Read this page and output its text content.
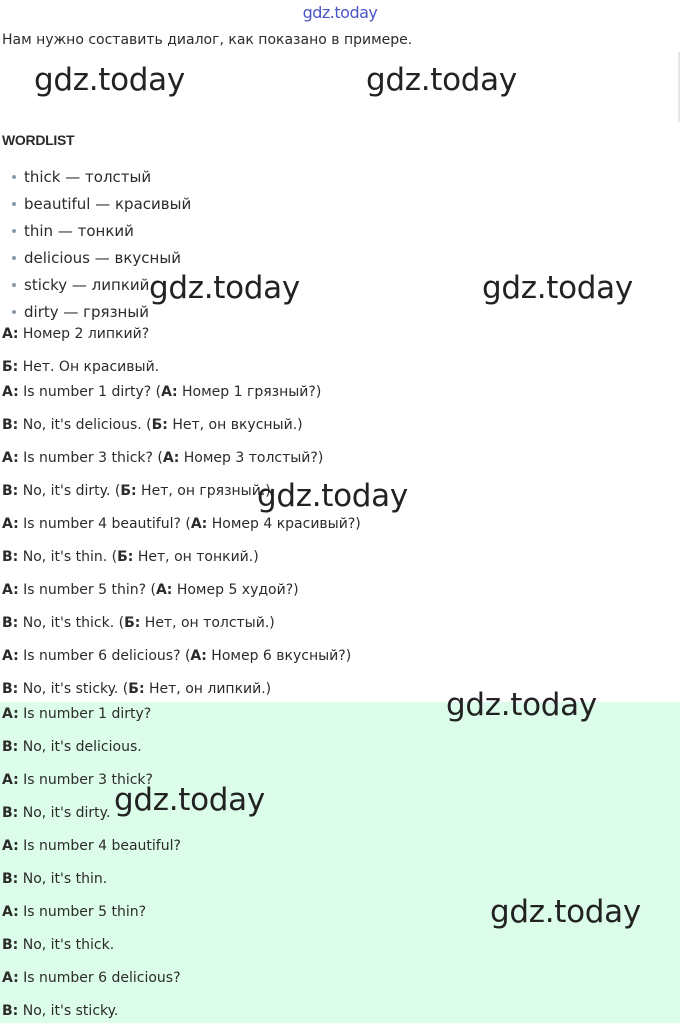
gdz.today
Нам нужно составить диалог, как показано в примере.
WORDLIST
thick — толстый
beautiful — красивый
thin — тонкий
delicious — вкусный
sticky — липкий
dirty — грязный
А: Номер 2 липкий?
Б: Нет. Он красивый.
A: Is number 1 dirty? (А: Номер 1 грязный?)
B: No, it's delicious. (Б: Нет, он вкусный.)
A: Is number 3 thick? (А: Номер 3 толстый?)
B: No, it's dirty. (Б: Нет, он грязный.)
A: Is number 4 beautiful? (А: Номер 4 красивый?)
B: No, it's thin. (Б: Нет, он тонкий.)
A: Is number 5 thin? (А: Номер 5 худой?)
B: No, it's thick. (Б: Нет, он толстый.)
A: Is number 6 delicious? (А: Номер 6 вкусный?)
B: No, it's sticky. (Б: Нет, он липкий.)
A: Is number 1 dirty?
B: No, it's delicious.
A: Is number 3 thick?
B: No, it's dirty.
A: Is number 4 beautiful?
B: No, it's thin.
A: Is number 5 thin?
B: No, it's thick.
A: Is number 6 delicious?
B: No, it's sticky.
gdz.today	gdz.today
gdz.today	gdz.today
gdz.today
gdz.today
gdz.today
gdz.today
